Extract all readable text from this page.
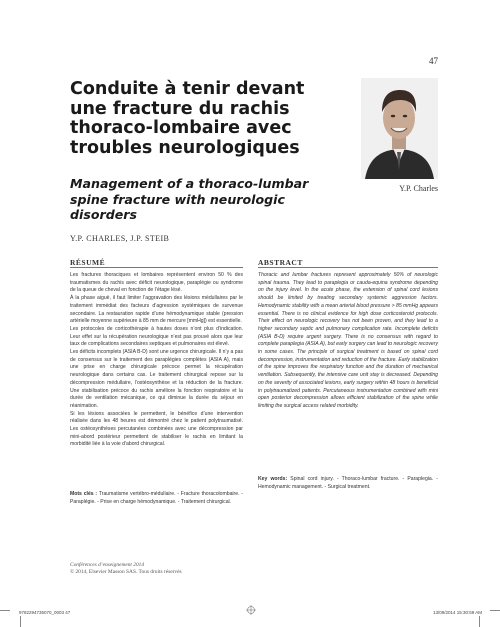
47
Conduite à tenir devant une fracture du rachis thoraco-lombaire avec troubles neurologiques
Management of a thoraco-lumbar spine fracture with neurologic disorders
Y.P. Charles

Y.P. CHARLES, J.P. STEIB

RÉSUMÉ	ABSTRACT

Les fractures thoraciques et lombaires représentent environ 50 % des traumatismes du rachis avec déficit neurologique, paraplégie ou syndrome de la queue de cheval en fonction de l’étage lésé.
À la phase aiguë, il faut limiter l’aggravation des lésions médullaires par le traitement immédiat des facteurs d’agression systémiques de survenue secondaire. La restauration rapide d’une hémodynamique stable (pression artérielle moyenne supérieure à 85 mm de mercure [mmHg]) est essentielle.
Les protocoles de corticothérapie à hautes doses n’ont plus d’indication. Leur effet sur la récupération neurologique n’est pas prouvé alors que leur taux de complications secondaires septiques et pulmonaires est élevé.
Les déficits incomplets (ASIA B-D) sont une urgence chirurgicale. Il n’y a pas de consensus sur le traitement des paraplégies complètes (ASIA A), mais une prise en charge chirurgicale précoce permet la récupération neurologique dans certains cas. Le traitement chirurgical repose sur la décompression médullaire, l’ostéosynthèse et la réduction de la fracture. Une stabilisation précoce du rachis améliore la fonction respiratoire et la durée de ventilation mécanique, ce qui diminue la durée du séjour en réanimation.
Si les lésions associées le permettent, le bénéfice d’une intervention réalisée dans les 48 heures est démontré chez le patient polytraumatisé. Les ostéosynthèses percutanées combinées avec une décompression par mini-abord postérieur permettent de stabiliser le rachis en limitant la morbidité liée à la voie d’abord chirurgical.

Mots clés : Traumatisme vertébro-médullaire. - Fracture thoracolombaire. - Paraplégie. - Prise en charge hémodynamique. - Traitement chirurgical.

Thoracic and lumbar fractures represent approximately 50% of neurologic spinal trauma. They lead to paraplegia or cauda-equina syndrome depending on the injury level. In the acute phase, the extension of spinal cord lesions should be limited by treating secondary systemic aggression factors. Hemodynamic stability with a mean arterial blood pressure > 85 mmHg appears essential. There is no clinical evidence for high dose corticosteroid protocols. Their effect on neurologic recovery has not been proven, and they lead to a higher secondary septic and pulmonary complication rate. Incomplete deficits (ASIA B-D) require urgent surgery. There is no consensus with regard to complete paraplegia (ASIA A), but early surgery can lead to neurologic recovery in some cases. The principle of surgical treatment is based on spinal cord decompression, instrumentation and reduction of the fracture. Early stabilization of the spine improves the respiratory function and the duration of mechanical ventilation. Subsequently, the intensive care unit stay is decreased. Depending on the severity of associated lesions, early surgery within 48 hours is beneficial in polytraumatized patients. Percutaneous instrumentation combined with mini open posterior decompression allows efficient stabilization of the spine while limiting the surgical access related morbidity.

Key words: Spinal cord injury. - Thoraco-lumbar fracture. - Paraplegia. - Hemodynamic management. - Surgical treatment.

Conférences d’enseignement 2014
© 2014, Elsevier Masson SAS. Tous droits réservés
9782294735070_0003 47	13/09/2014 15:30:59 AM
